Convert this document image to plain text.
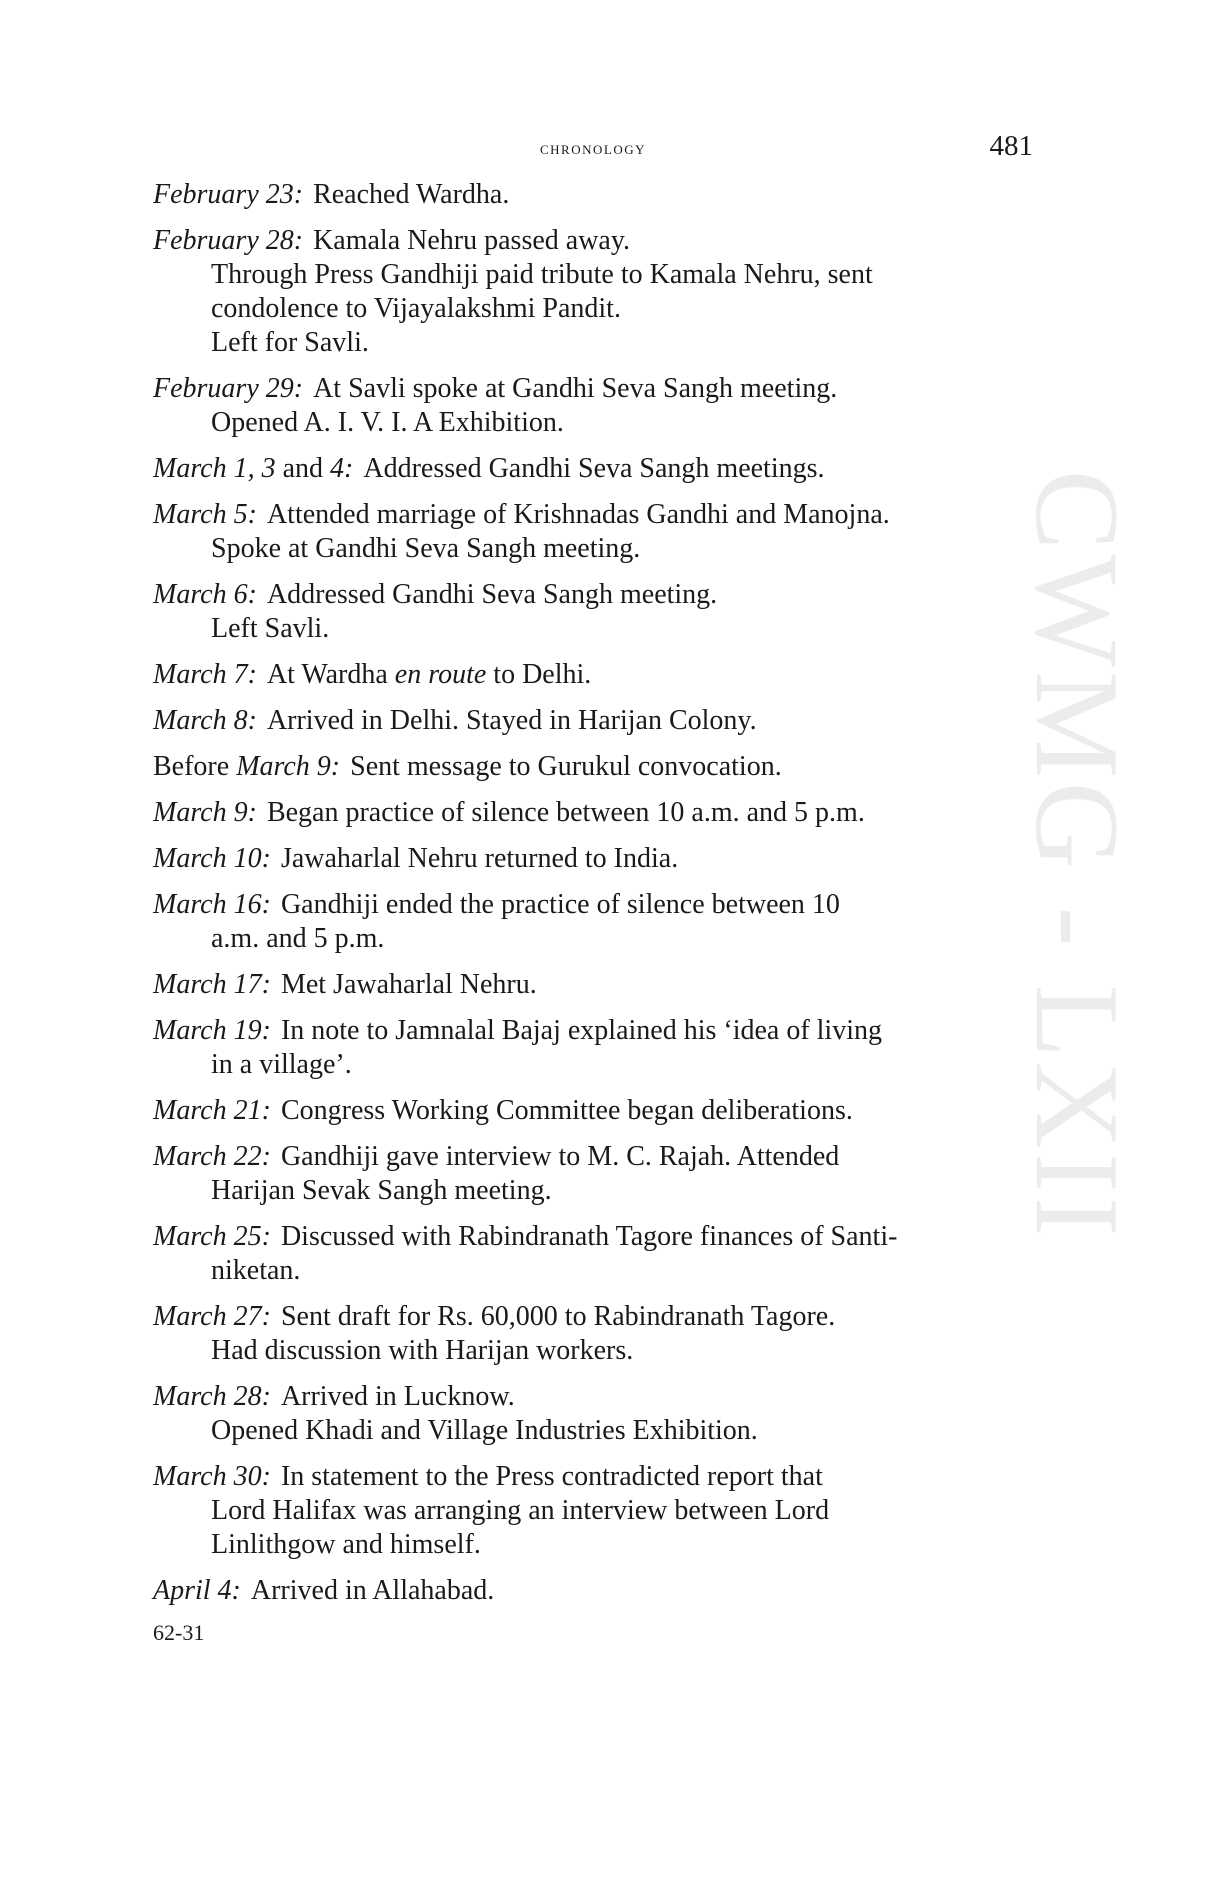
CWMG - LXII
chronology	481
February 23: Reached Wardha.
February 28: Kamala Nehru passed away.
Through Press Gandhiji paid tribute to Kamala Nehru, sent
condolence to Vijayalakshmi Pandit.
Left for Savli.
February 29: At Savli spoke at Gandhi Seva Sangh meeting.
Opened A. I. V. I. A Exhibition.
March 1, 3 and 4: Addressed Gandhi Seva Sangh meetings.
March 5: Attended marriage of Krishnadas Gandhi and Manojna.
Spoke at Gandhi Seva Sangh meeting.
March 6: Addressed Gandhi Seva Sangh meeting.
Left Savli.
March 7: At Wardha en route to Delhi.
March 8: Arrived in Delhi. Stayed in Harijan Colony.
Before March 9: Sent message to Gurukul convocation.
March 9: Began practice of silence between 10 a.m. and 5 p.m.
March 10: Jawaharlal Nehru returned to India.
March 16: Gandhiji ended the practice of silence between 10
a.m. and 5 p.m.
March 17: Met Jawaharlal Nehru.
March 19: In note to Jamnalal Bajaj explained his ‘idea of living
in a village’.
March 21: Congress Working Committee began deliberations.
March 22: Gandhiji gave interview to M. C. Rajah. Attended
Harijan Sevak Sangh meeting.
March 25: Discussed with Rabindranath Tagore finances of Santi-
niketan.
March 27: Sent draft for Rs. 60,000 to Rabindranath Tagore.
Had discussion with Harijan workers.
March 28: Arrived in Lucknow.
Opened Khadi and Village Industries Exhibition.
March 30: In statement to the Press contradicted report that
Lord Halifax was arranging an interview between Lord
Linlithgow and himself.
April 4: Arrived in Allahabad.
62-31
